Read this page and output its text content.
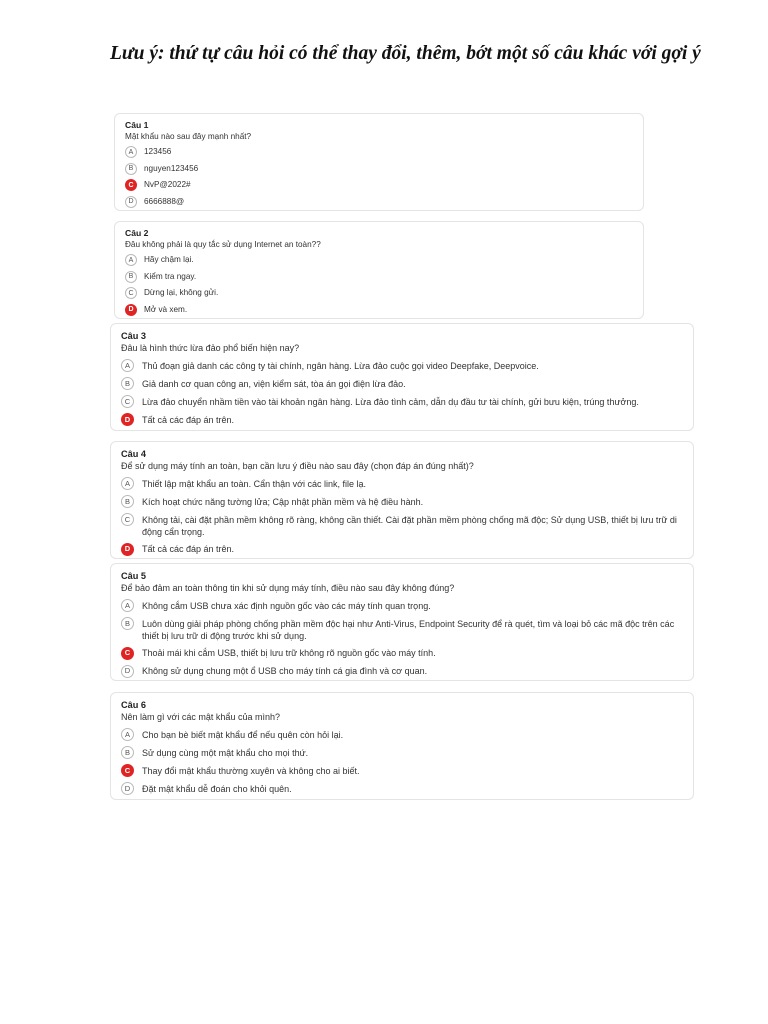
Lưu ý: thứ tự câu hỏi có thể thay đổi, thêm, bớt một số câu khác với gợi ý
Câu 1
Mật khẩu nào sau đây mạnh nhất?
A	123456
B	nguyen123456
C	NvP@2022#
D	6666888@
Câu 2
Đâu không phải là quy tắc sử dụng Internet an toàn??
A	Hãy chậm lại.
B	Kiểm tra ngay.
C	Dừng lại, không gửi.
D	Mở và xem.
Câu 3
Đâu là hình thức lừa đảo phổ biến hiện nay?
A	Thủ đoạn giả danh các công ty tài chính, ngân hàng. Lừa đảo cuộc gọi video Deepfake, Deepvoice.
B	Giả danh cơ quan công an, viện kiểm sát, tòa án gọi điện lừa đảo.
C	Lừa đảo chuyển nhầm tiền vào tài khoản ngân hàng. Lừa đảo tình cảm, dẫn dụ đầu tư tài chính, gửi bưu kiện, trúng thưởng.
D	Tất cả các đáp án trên.
Câu 4
Để sử dụng máy tính an toàn, bạn cần lưu ý điều nào sau đây (chọn đáp án đúng nhất)?
A	Thiết lập mật khẩu an toàn. Cẩn thận với các link, file lạ.
B	Kích hoạt chức năng tường lửa; Cập nhật phần mềm và hệ điều hành.
C	Không tải, cài đặt phần mềm không rõ ràng, không cần thiết. Cài đặt phần mềm phòng chống mã độc; Sử dụng USB, thiết bị lưu trữ di động cẩn trọng.
D	Tất cả các đáp án trên.
Câu 5
Để bảo đảm an toàn thông tin khi sử dụng máy tính, điều nào sau đây không đúng?
A	Không cắm USB chưa xác định nguồn gốc vào các máy tính quan trọng.
B	Luôn dùng giải pháp phòng chống phần mềm độc hại như Anti-Virus, Endpoint Security để rà quét, tìm và loại bỏ các mã độc trên các thiết bị lưu trữ di động trước khi sử dụng.
C	Thoải mái khi cắm USB, thiết bị lưu trữ không rõ nguồn gốc vào máy tính.
D	Không sử dụng chung một ổ USB cho máy tính cá gia đình và cơ quan.
Câu 6
Nên làm gì với các mật khẩu của mình?
A	Cho bạn bè biết mật khẩu để nếu quên còn hỏi lại.
B	Sử dụng cùng một mật khẩu cho mọi thứ.
C	Thay đổi mật khẩu thường xuyên và không cho ai biết.
D	Đặt mật khẩu dễ đoán cho khỏi quên.
